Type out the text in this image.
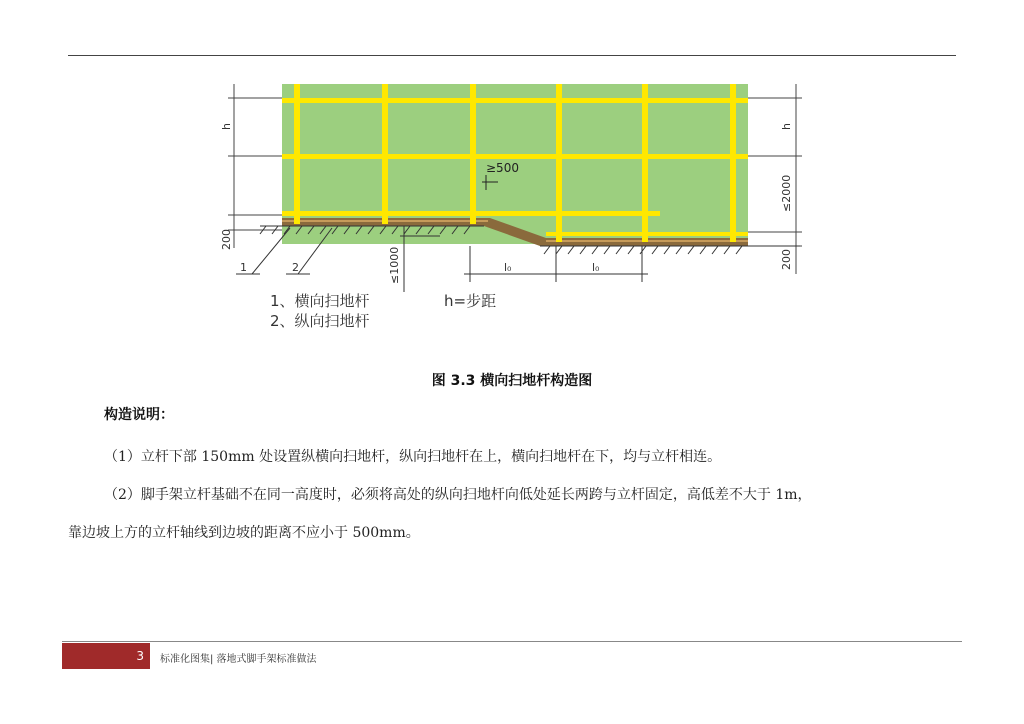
≥500
h
200
h
≤2000
200
1	2	≤1000	l₀	l₀
1、横向扫地杆
2、纵向扫地杆
h=步距
图 3.3 横向扫地杆构造图
构造说明：
（1）立杆下部 150mm 处设置纵横向扫地杆，纵向扫地杆在上，横向扫地杆在下，均与立杆相连。
（2）脚手架立杆基础不在同一高度时，必须将高处的纵向扫地杆向低处延长两跨与立杆固定，高低差不大于 1m，
靠边坡上方的立杆轴线到边坡的距离不应小于 500mm。
3	标准化图集| 落地式脚手架标准做法
